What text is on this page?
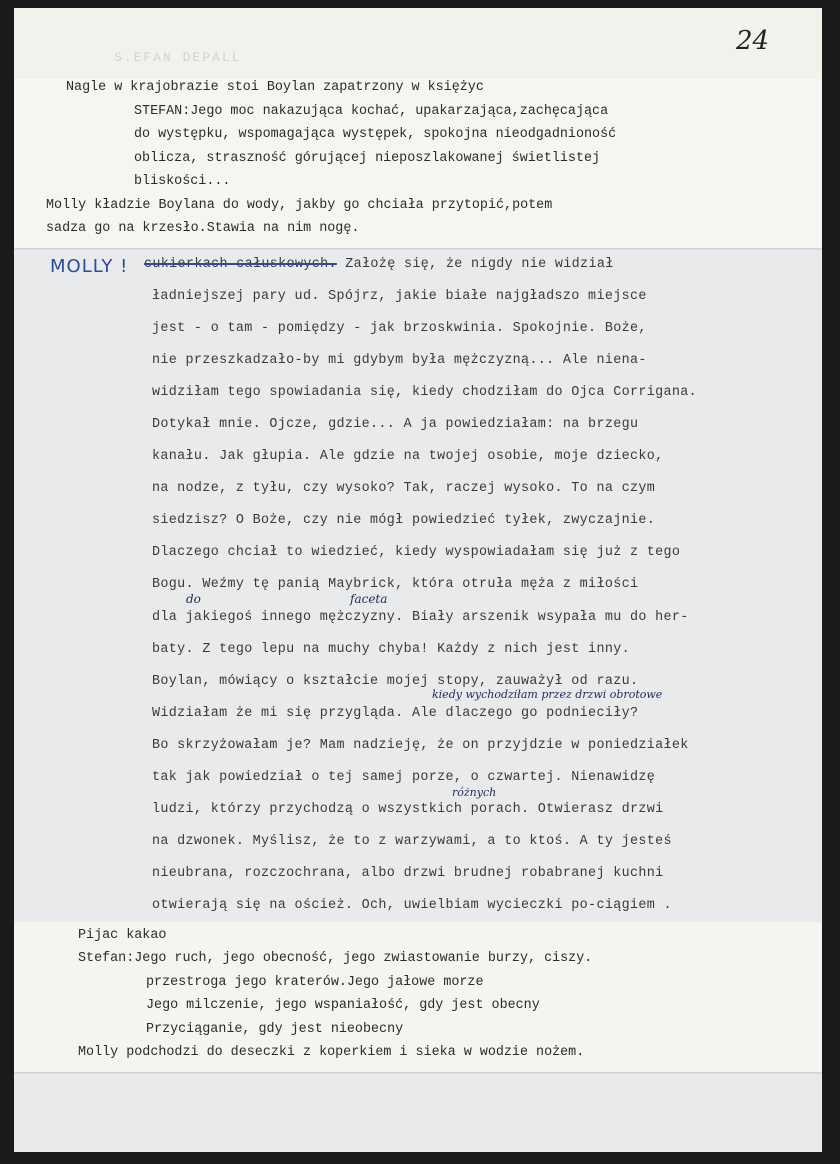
S.EFAN DEPALL
24
Nagle w krajobrazie stoi Boylan zapatrzony w księżyc
STEFAN:Jego moc nakazująca kochać, upakarzająca,zachęcająca
do występku, wspomagająca występek, spokojna nieodgadnioność
oblicza, straszność górującej nieposzlakowanej świetlistej
bliskości...
Molly kładzie Boylana do wody, jakby go chciała przytopić,potem
sadza go na krzesło.Stawia na nim nogę.
MOLLY ! cukierkach całuskowych. Założę się, że nigdy nie widział
ładniejszej pary ud. Spójrz, jakie białe najgładszo miejsce
jest - o tam - pomiędzy - jak brzoskwinia. Spokojnie. Boże,
nie przeszkadzało-by mi gdybym była mężczyzną... Ale niena-
widziłam tego spowiadania się, kiedy chodziłam do Ojca Corrigana.
Dotykał mnie. Ojcze, gdzie... A ja powiedziałam: na brzegu
kanału. Jak głupia. Ale gdzie na twojej osobie, moje dziecko,
na nodze, z tyłu, czy wysoko? Tak, raczej wysoko. To na czym
siedzisz? O Boże, czy nie mógł powiedzieć tyłek, zwyczajnie.
Dlaczego chciał to wiedzieć, kiedy wyspowiadałam się już z tego
Bogu. Weźmy tę panią Maybrick, która otruła męża z miłości
dla jakiegoś innego mężczyzny. Biały arszenik wsypała mu do her-
baty. Z tego lepu na muchy chyba! Każdy z nich jest inny.
Boylan, mówiący o kształcie mojej stopy, zauważył od razu.
Widziałam że mi się przygląda. Ale dlaczego go podnieciły?
Bo skrzyżowałam je? Mam nadzieję, że on przyjdzie w poniedziałek
tak jak powiedział o tej samej porze, o czwartej. Nienawidzę
ludzi, którzy przychodzą o wszystkich porach. Otwierasz drzwi
na dzwonek. Myślisz, że to z warzywami, a to ktoś. A ty jesteś
nieubrana, rozczochrana, albo drzwi brudnej robabranej kuchni
otwierają się na oścież. Och, uwielbiam wycieczki po-ciągiem .
do	faceta
kiedy wychodziłam przez drzwi obrotowe
różnych
Pijac kakao
Stefan:Jego ruch, jego obecność, jego zwiastowanie burzy, ciszy.
przestroga jego kraterów.Jego jałowe morze
Jego milczenie, jego wspaniałość, gdy jest obecny
Przyciąganie, gdy jest nieobecny
Molly podchodzi do deseczki z koperkiem i sieka w wodzie nożem.
